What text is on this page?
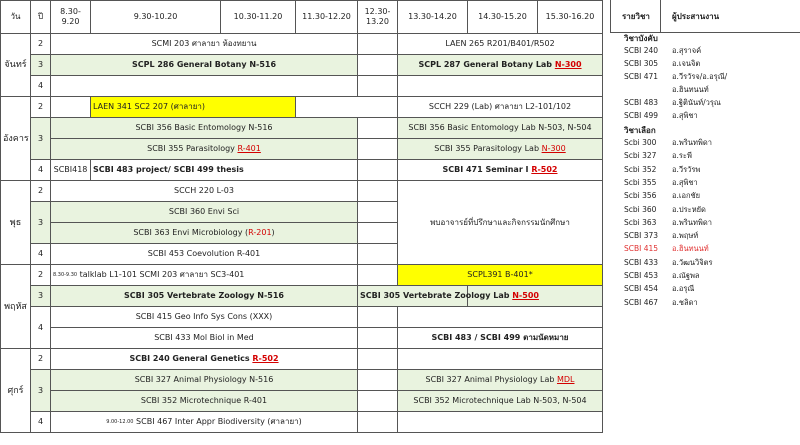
วัน	ปี	8.30-9.20	9.30-10.20	10.30-11.20	11.30-12.20	12.30-13.20	13.30-14.20	14.30-15.20	15.30-16.20
จันทร์	2	SCMI 203 ศาลายา ห้องทยาน					LAEN 265 R201/B401/R502		
	3	SCPL 286 General Botany N-516					SCPL 287 General Botany Lab N-300		
	4								
อังคาร	2		LAEN 341 SC2 207 (ศาลายา)				SCCH 229 (Lab) ศาลายา L2-101/102		
	3	SCBI 356 Basic Entomology N-516					SCBI 356 Basic Entomology Lab N-503, N-504		
		SCBI 355 Parasitology R-401					SCBI 355 Parasitology Lab N-300		
	4	SCBI418	SCBI 483 project/ SCBI 499 thesis				SCBI 471 Seminar I R-502		
พุธ	2	SCCH 220 L-03					พบอาจารย์ที่ปรึกษาและกิจกรรมนักศึกษา		
	3	SCBI 360 Envi Sci							
		SCBI 363 Envi Microbiology (R-201)							
	4	SCBI 453 Coevolution R-401							
พฤหัส	2	$^{8.30-9.30}$ talklab L1-101 SCMI 203 ศาลายา SC3-401					SCPL391 B-401*		
	3	SCBI 305 Vertebrate Zoology N-516				SCBI 305 Vertebrate Zoology Lab N-500			
	4	SCBI 415 Geo Info Sys Cons (XXX)							
		SCBI 433 Mol Biol in Med					SCBI 483 / SCBI 499 ตามนัดหมาย		
ศุกร์	2	SCBI 240 General Genetics R-502							
	3	SCBI 327 Animal Physiology N-516					SCBI 327 Animal Physiology Lab MDL		
		SCBI 352 Microtechnique R-401					SCBI 352 Microtechnique Lab N-503, N-504		
	4	$^{9.00-12.00}$ SCBI 467 Inter Appr Biodiversity (ศาลายา)							
รายวิชา	ผู้ประสานงาน
วิชาบังคับ
SCBI 240 อ.สุราจค์
SCBI 305 อ.เจนจิต
SCBI 471 อ.วีรวัรจ/อ.อรุณี/
อ.ฮินทนนท์
SCBI 483 อ.ฐิตินันท์/วรุณ
SCBI 499 อ.สุพิชา
วิชาเลือก
Scbi 300 อ.พรินทพิดา
Scbi 327 อ.ระพี
Scbi 352 อ.วีรวัรพ
Scbi 355 อ.สุพิชา
Scbi 356 อ.เอกชัย
Scbi 360 อ.ประหยัด
Scbi 363 อ.พรินทพิดา
SCBI 373 อ.พฤษท์
SCBI 415 อ.ฮินทนนท์
SCBI 433 อ.วัฒนวิจิตร
SCBI 453 อ.ณัฐพล
SCBI 454 อ.อรุณี
SCBI 467 อ.ชลิดา
